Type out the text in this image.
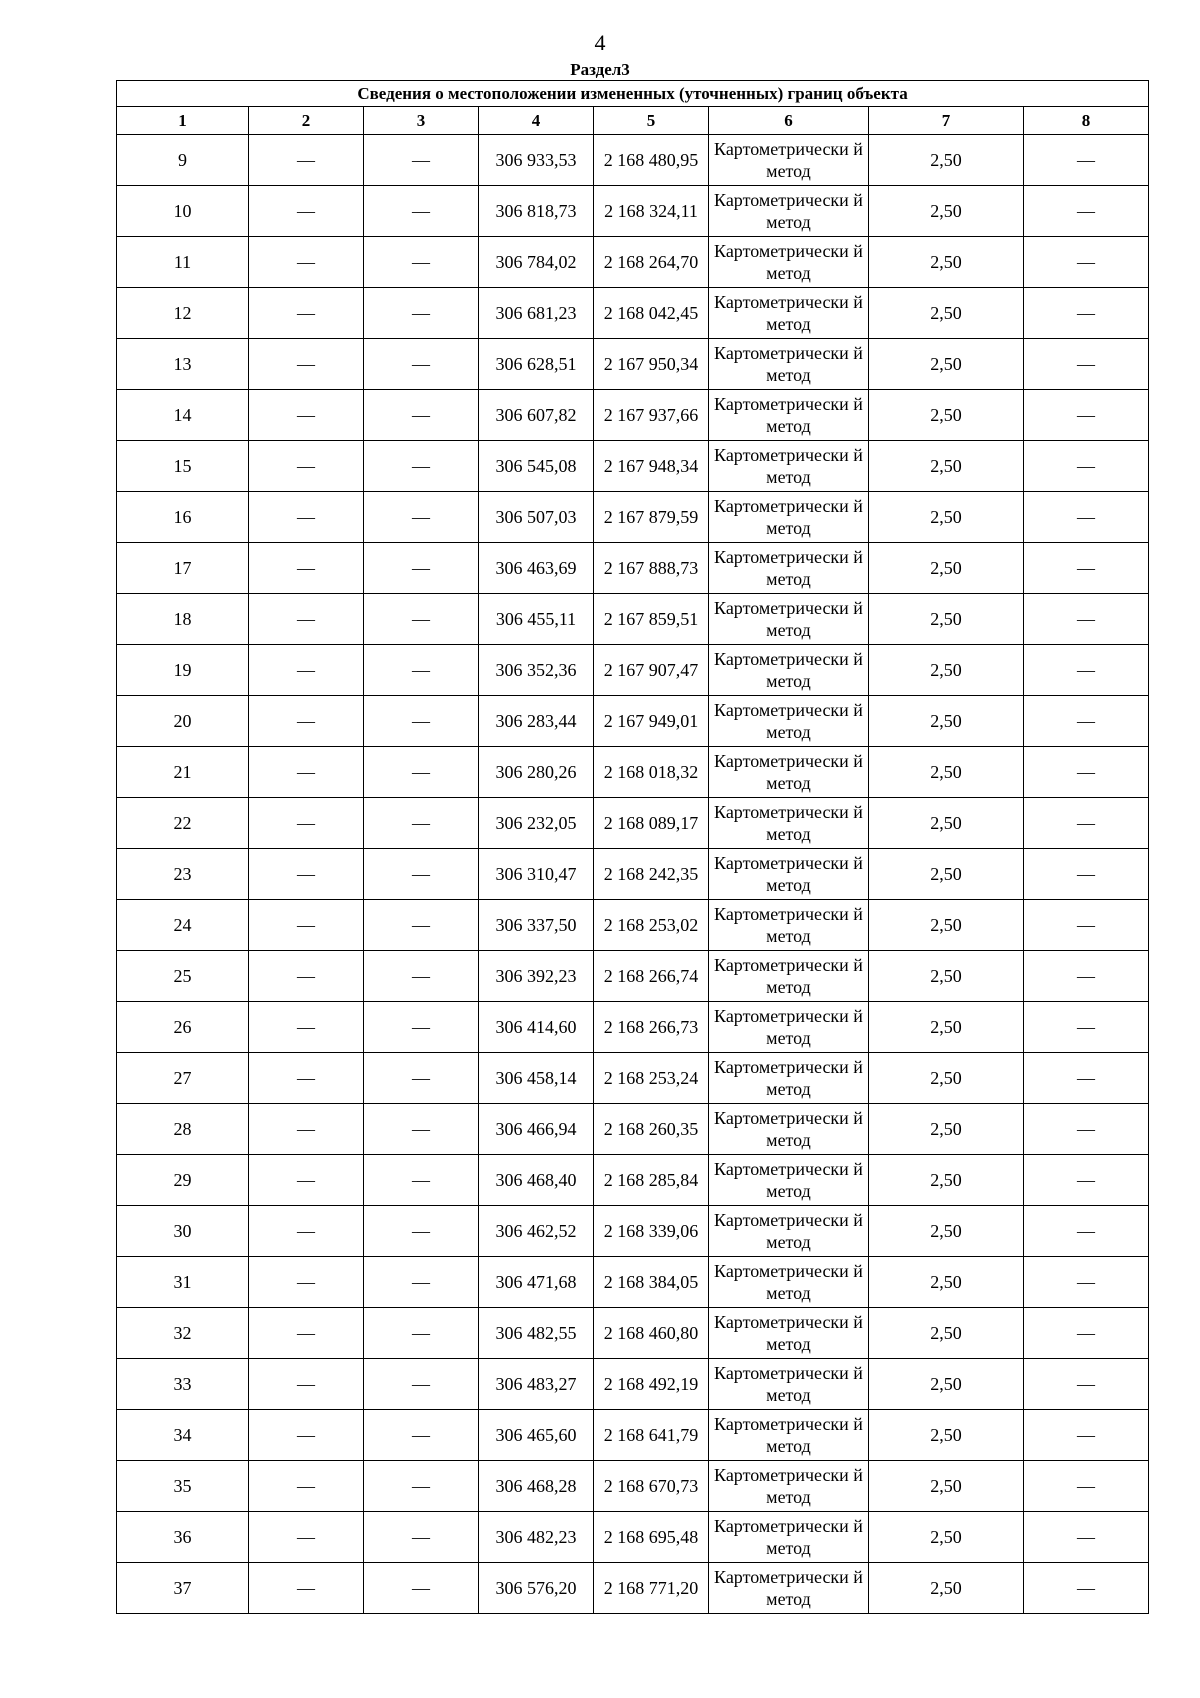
4
Раздел3
Сведения о местоположении измененных (уточненных) границ объекта							
1	2	3	4	5	6	7	8
9	—	—	306 933,53	2 168 480,95	Картометрически й метод	2,50	—
10	—	—	306 818,73	2 168 324,11	Картометрически й метод	2,50	—
11	—	—	306 784,02	2 168 264,70	Картометрически й метод	2,50	—
12	—	—	306 681,23	2 168 042,45	Картометрически й метод	2,50	—
13	—	—	306 628,51	2 167 950,34	Картометрически й метод	2,50	—
14	—	—	306 607,82	2 167 937,66	Картометрически й метод	2,50	—
15	—	—	306 545,08	2 167 948,34	Картометрически й метод	2,50	—
16	—	—	306 507,03	2 167 879,59	Картометрически й метод	2,50	—
17	—	—	306 463,69	2 167 888,73	Картометрически й метод	2,50	—
18	—	—	306 455,11	2 167 859,51	Картометрически й метод	2,50	—
19	—	—	306 352,36	2 167 907,47	Картометрически й метод	2,50	—
20	—	—	306 283,44	2 167 949,01	Картометрически й метод	2,50	—
21	—	—	306 280,26	2 168 018,32	Картометрически й метод	2,50	—
22	—	—	306 232,05	2 168 089,17	Картометрически й метод	2,50	—
23	—	—	306 310,47	2 168 242,35	Картометрически й метод	2,50	—
24	—	—	306 337,50	2 168 253,02	Картометрически й метод	2,50	—
25	—	—	306 392,23	2 168 266,74	Картометрически й метод	2,50	—
26	—	—	306 414,60	2 168 266,73	Картометрически й метод	2,50	—
27	—	—	306 458,14	2 168 253,24	Картометрически й метод	2,50	—
28	—	—	306 466,94	2 168 260,35	Картометрически й метод	2,50	—
29	—	—	306 468,40	2 168 285,84	Картометрически й метод	2,50	—
30	—	—	306 462,52	2 168 339,06	Картометрически й метод	2,50	—
31	—	—	306 471,68	2 168 384,05	Картометрически й метод	2,50	—
32	—	—	306 482,55	2 168 460,80	Картометрически й метод	2,50	—
33	—	—	306 483,27	2 168 492,19	Картометрически й метод	2,50	—
34	—	—	306 465,60	2 168 641,79	Картометрически й метод	2,50	—
35	—	—	306 468,28	2 168 670,73	Картометрически й метод	2,50	—
36	—	—	306 482,23	2 168 695,48	Картометрически й метод	2,50	—
37	—	—	306 576,20	2 168 771,20	Картометрически й метод	2,50	—
